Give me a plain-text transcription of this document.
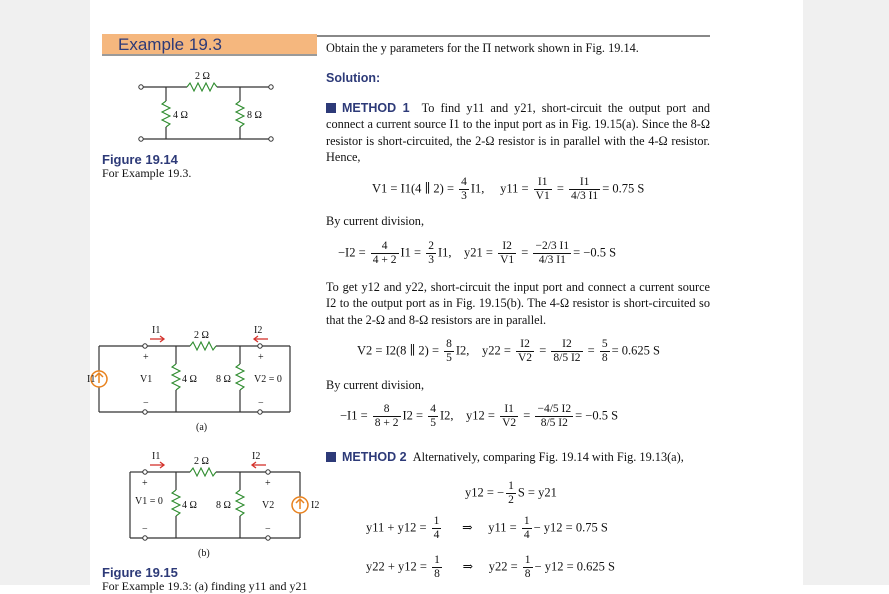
Example 19.3	Obtain the y parameters for the Π network shown in Fig. 19.14.
Solution:
METHOD 1 To find y11 and y21, short-circuit the output port and connect a current source I1 to the input port as in Fig. 19.15(a). Since the 8-Ω resistor is short-circuited, the 2-Ω resistor is in parallel with the 4-Ω resistor. Hence,
V1 = I1(4 ∥ $2) = \frac{4}{3} I1$, $y11 = \frac{I1}{V1} = \frac{I1}{4/3 I1} = 0.75$ S
By current division,
$-I2 = \frac{4}{4 + 2} I1 = \frac{2}{3} I1$, $y21 = \frac{I2}{V1} = \frac{-2/3 I1}{4/3 I1} = -0.5$ S
To get y12 and y22, short-circuit the input port and connect a current source I2 to the output port as in Fig. 19.15(b). The 4-Ω resistor is short-circuited so that the 2-Ω and 8-Ω resistors are in parallel.
V2 = I2(8 ∥ $2) = \frac{8}{5} I2$, $y22 = \frac{I2}{V2} = \frac{I2}{8/5 I2} = \frac{5}{8} = 0.625$ S
By current division,
$-I1 = \frac{8}{8 + 2} I2 = \frac{4}{5} I2$, $y12 = \frac{I1}{V2} = \frac{-4/5 I2}{8/5 I2} = -0.5$ S
METHOD 2 Alternatively, comparing Fig. 19.14 with Fig. 19.13(a),
y12 = − $\frac{1}{2}$ S = y21
$y11 + y12 = \frac{1}{4}$ ⇒ $y11 = \frac{1}{4} - y12 = 0.75$ S
$y22 + y12 = \frac{1}{8}$ ⇒ $y22 = \frac{1}{8} - y12 = 0.625$ S
2 Ω
4 Ω	8 Ω
Figure 19.14
For Example 19.3.
I1	I2
I1
+
−
V1
+
−
V2 = 0
2 Ω
4 Ω 8 Ω
(a)
I1	I2
I2
+
−
V1 = 0
+
−
V2
2 Ω
4 Ω 8 Ω
(b)
Figure 19.15
For Example 19.3: (a) finding y11 and y21
